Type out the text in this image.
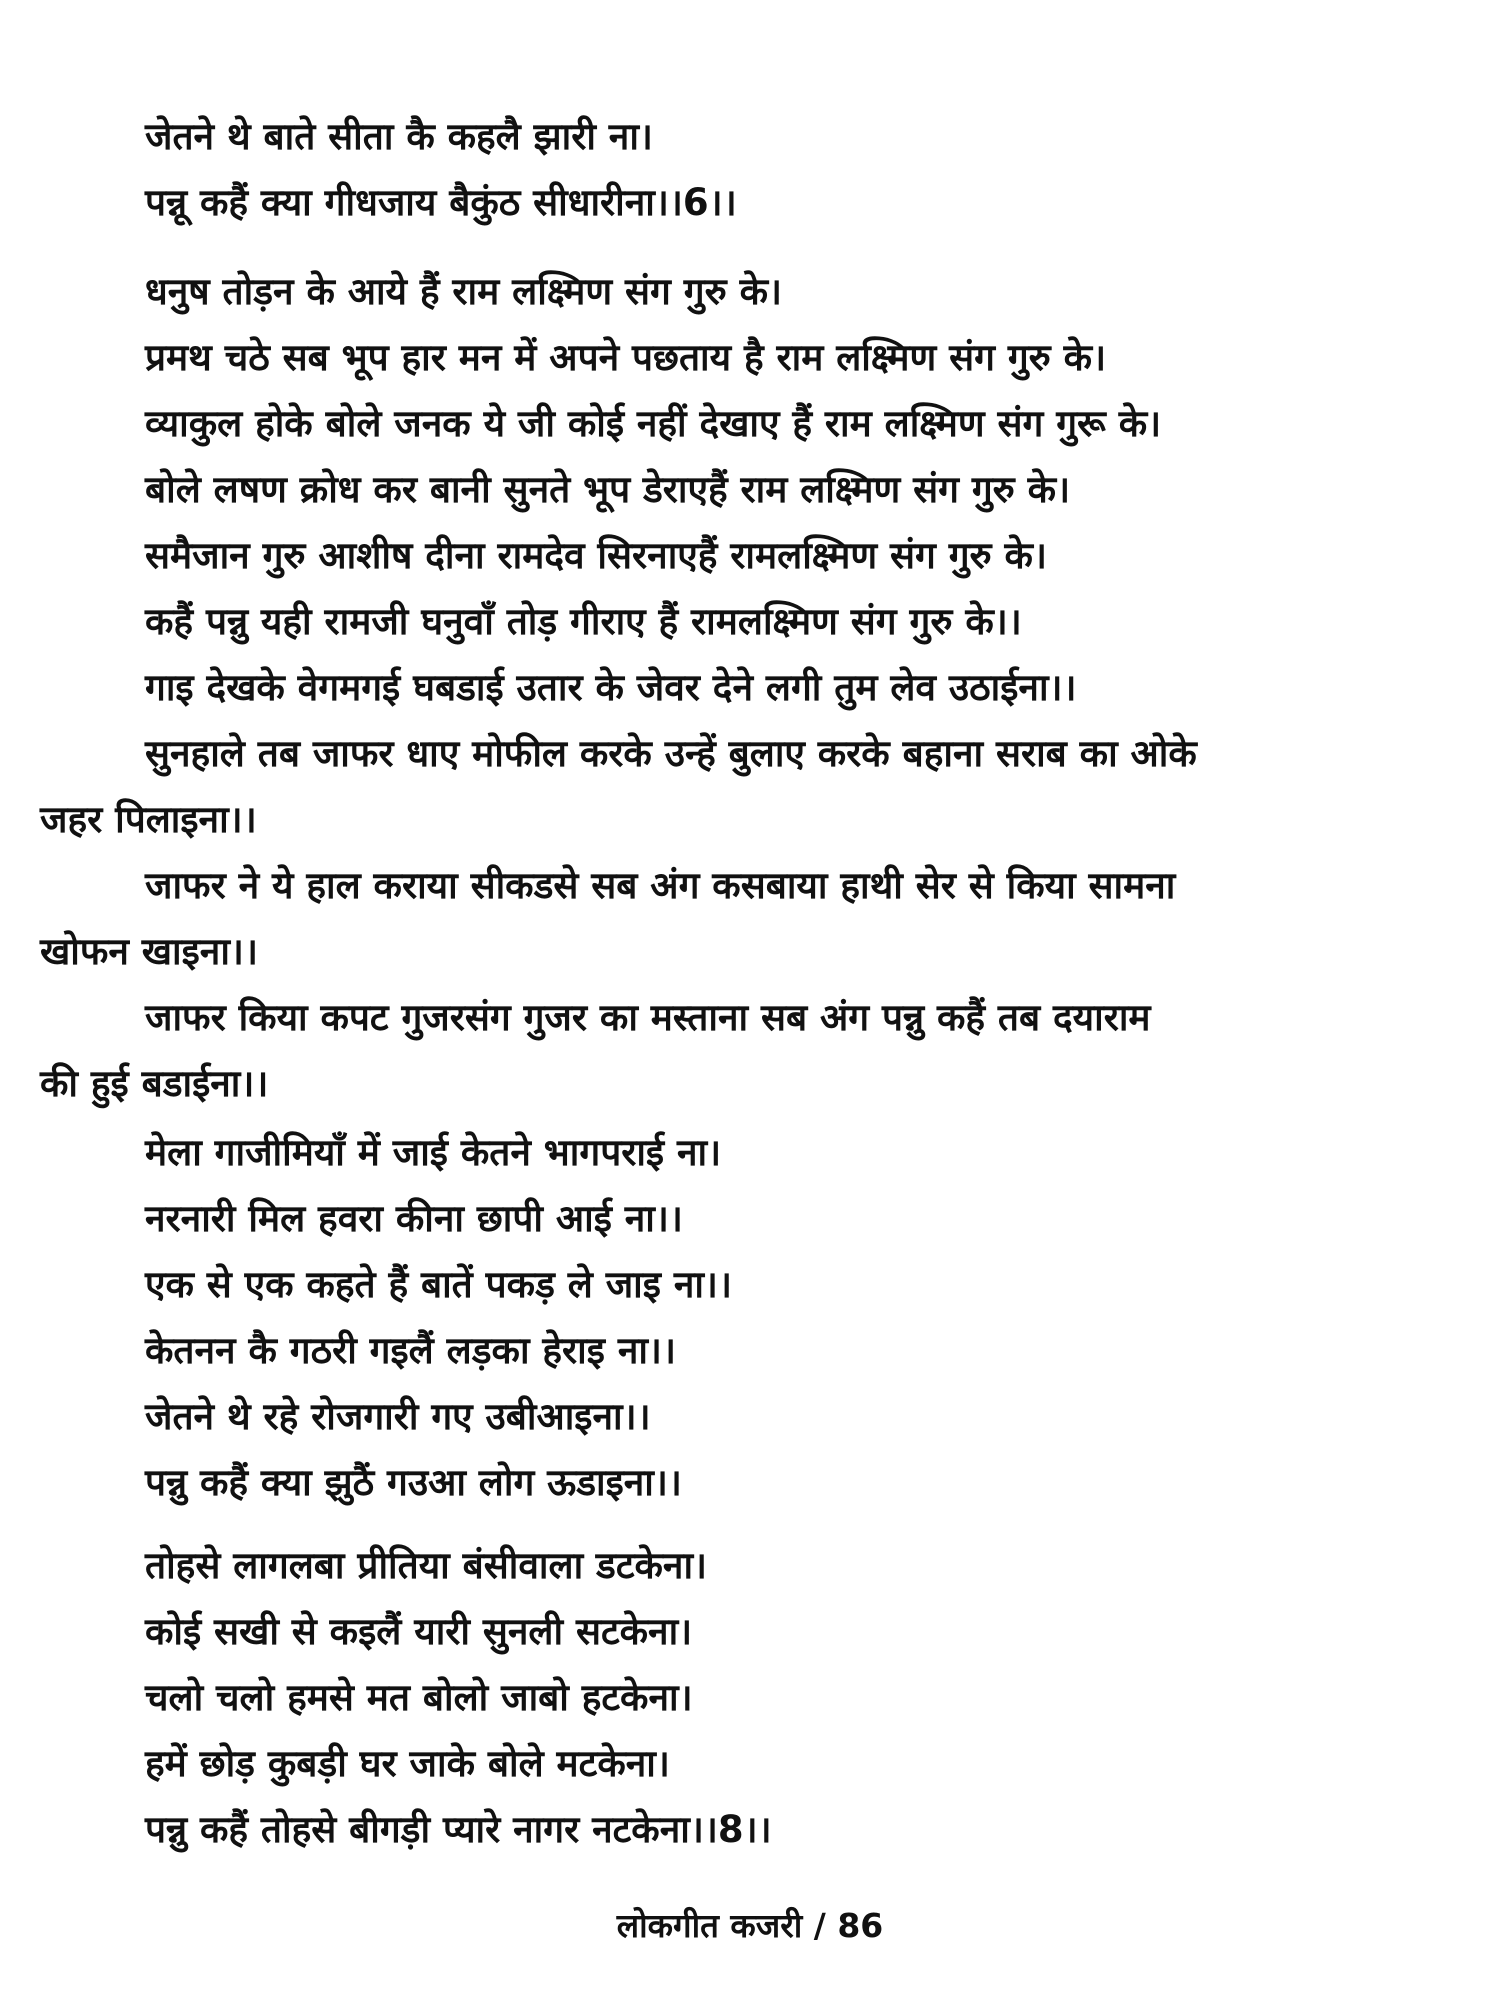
जेतने थे बाते सीता कै कहलै झारी ना।
पन्नू कहैं क्या गीधजाय बैकुंठ सीधारीना।।6।।
धनुष तोड़न के आये हैं राम लक्ष्मिण संग गुरु के।
प्रमथ चठे सब भूप हार मन में अपने पछताय है राम लक्ष्मिण संग गुरु के।
व्याकुल होके बोले जनक ये जी कोई नहीं देखाए हैं राम लक्ष्मिण संग गुरू के।
बोले लषण क्रोध कर बानी सुनते भूप डेराएहैं राम लक्ष्मिण संग गुरु के।
समैजान गुरु आशीष दीना रामदेव सिरनाएहैं रामलक्ष्मिण संग गुरु के।
कहैं पन्नु यही रामजी घनुवाँ तोड़ गीराए हैं रामलक्ष्मिण संग गुरु के।।
गाइ देखके वेगमगई घबडाई उतार के जेवर देने लगी तुम लेव उठाईना।।
सुनहाले तब जाफर धाए मोफील करके उन्हें बुलाए करके बहाना सराब का ओके
जहर पिलाइना।।
जाफर ने ये हाल कराया सीकडसे सब अंग कसबाया हाथी सेर से किया सामना
खोफन खाइना।।
जाफर किया कपट गुजरसंग गुजर का मस्ताना सब अंग पन्नु कहैं तब दयाराम
की हुई बडाईना।।
मेला गाजीमियाँ में जाई केतने भागपराई ना।
नरनारी मिल हवरा कीना छापी आई ना।।
एक से एक कहते हैं बातें पकड़ ले जाइ ना।।
केतनन कै गठरी गइलैं लड़का हेराइ ना।।
जेतने थे रहे रोजगारी गए उबीआइना।।
पन्नु कहैं क्या झुठैं गउआ लोग ऊडाइना।।
तोहसे लागलबा प्रीतिया बंसीवाला डटकेना।
कोई सखी से कइलैं यारी सुनली सटकेना।
चलो चलो हमसे मत बोलो जाबो हटकेना।
हमें छोड़ कुबड़ी घर जाके बोले मटकेना।
पन्नु कहैं तोहसे बीगड़ी प्यारे नागर नटकेना।।8।।
लोकगीत कजरी / 86
